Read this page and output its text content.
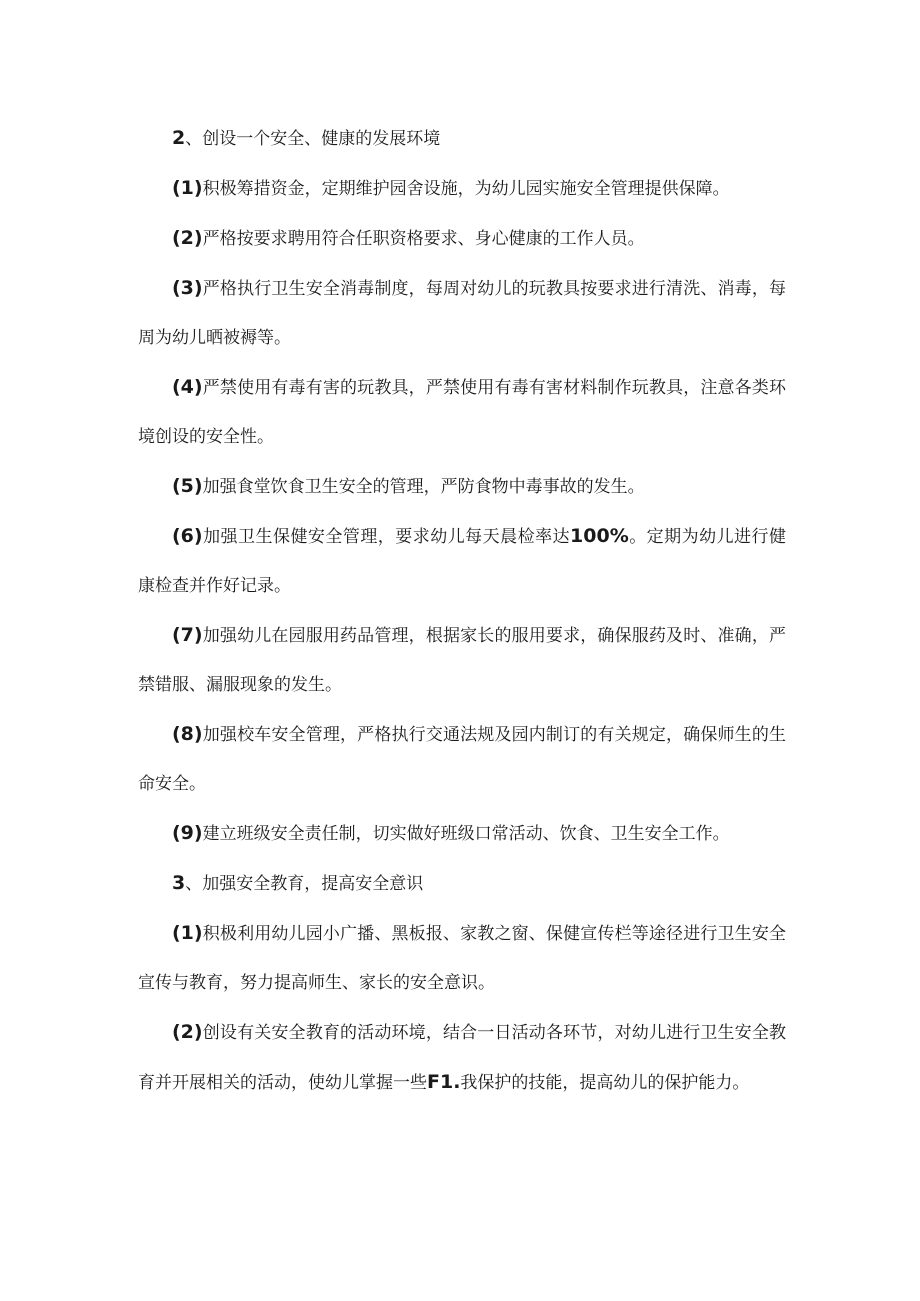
2、创设一个安全、健康的发展环境

(1)积极筹措资金，定期维护园舍设施，为幼儿园实施安全管理提供保障。

(2)严格按要求聘用符合任职资格要求、身心健康的工作人员。

(3)严格执行卫生安全消毒制度，每周对幼儿的玩教具按要求进行清洗、消毒，每周为幼儿晒被褥等。

(4)严禁使用有毒有害的玩教具，严禁使用有毒有害材料制作玩教具，注意各类环境创设的安全性。

(5)加强食堂饮食卫生安全的管理，严防食物中毒事故的发生。

(6)加强卫生保健安全管理，要求幼儿每天晨检率达100%。定期为幼儿进行健康检查并作好记录。

(7)加强幼儿在园服用药品管理，根据家长的服用要求，确保服药及时、准确，严禁错服、漏服现象的发生。

(8)加强校车安全管理，严格执行交通法规及园内制订的有关规定，确保师生的生命安全。

(9)建立班级安全责任制，切实做好班级口常活动、饮食、卫生安全工作。

3、加强安全教育，提高安全意识

(1)积极利用幼儿园小广播、黑板报、家教之窗、保健宣传栏等途径进行卫生安全宣传与教育，努力提高师生、家长的安全意识。

(2)创设有关安全教育的活动环境，结合一日活动各环节，对幼儿进行卫生安全教育并开展相关的活动，使幼儿掌握一些F1.我保护的技能，提高幼儿的保护能力。
